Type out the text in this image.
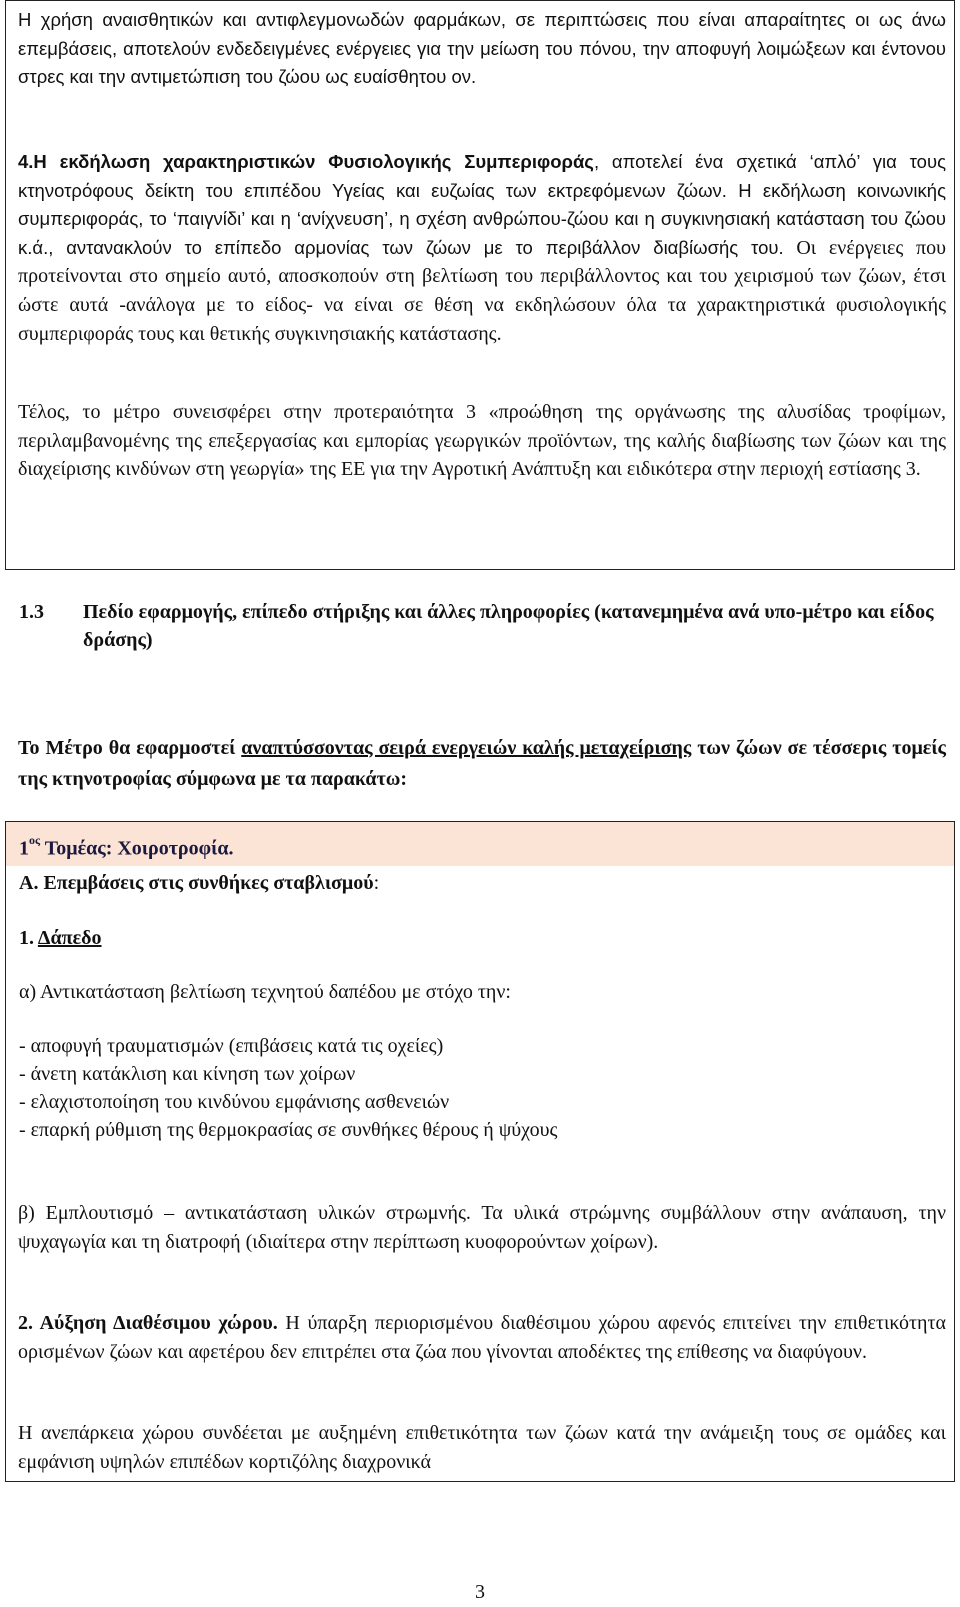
Η χρήση αναισθητικών και αντιφλεγμονωδών φαρμάκων, σε περιπτώσεις που είναι απαραίτητες οι ως άνω επεμβάσεις, αποτελούν ενδεδειγμένες ενέργειες για την μείωση του πόνου, την αποφυγή λοιμώξεων και έντονου στρες και την αντιμετώπιση του ζώου ως ευαίσθητου ον.

4.Η εκδήλωση χαρακτηριστικών Φυσιολογικής Συμπεριφοράς, αποτελεί ένα σχετικά ‘απλό’ για τους κτηνοτρόφους δείκτη του επιπέδου Υγείας και ευζωίας των εκτρεφόμενων ζώων. Η εκδήλωση κοινωνικής συμπεριφοράς, το ‘παιγνίδι’ και η ‘ανίχνευση’, η σχέση ανθρώπου-ζώου και η συγκινησιακή κατάσταση του ζώου κ.ά., αντανακλούν το επίπεδο αρμονίας των ζώων με το περιβάλλον διαβίωσής του. Οι ενέργειες που προτείνονται στο σημείο αυτό, αποσκοπούν στη βελτίωση του περιβάλλοντος και του χειρισμού των ζώων, έτσι ώστε αυτά -ανάλογα με το είδος- να είναι σε θέση να εκδηλώσουν όλα τα χαρακτηριστικά φυσιολογικής συμπεριφοράς τους και θετικής συγκινησιακής κατάστασης.

Τέλος, το μέτρο συνεισφέρει στην προτεραιότητα 3 «προώθηση της οργάνωσης της αλυσίδας τροφίμων, περιλαμβανομένης της επεξεργασίας και εμπορίας γεωργικών προϊόντων, της καλής διαβίωσης των ζώων και της διαχείρισης κινδύνων στη γεωργία» της ΕΕ για την Αγροτική Ανάπτυξη και ειδικότερα στην περιοχή εστίασης 3.

1.3 Πεδίο εφαρμογής, επίπεδο στήριξης και άλλες πληροφορίες (κατανεμημένα ανά υπο-μέτρο και είδος δράσης)

Το Μέτρο θα εφαρμοστεί αναπτύσσοντας σειρά ενεργειών καλής μεταχείρισης των ζώων σε τέσσερις τομείς της κτηνοτροφίας σύμφωνα με τα παρακάτω:

$1^{o\varsigma}$ Τομέας: Χοιροτροφία.
Α. Επεμβάσεις στις συνθήκες σταβλισμού:
1. Δάπεδο
α) Αντικατάσταση βελτίωση τεχνητού δαπέδου με στόχο την:
- αποφυγή τραυματισμών (επιβάσεις κατά τις οχείες)
- άνετη κατάκλιση και κίνηση των χοίρων
- ελαχιστοποίηση του κινδύνου εμφάνισης ασθενειών
- επαρκή ρύθμιση της θερμοκρασίας σε συνθήκες θέρους ή ψύχους

β) Εμπλουτισμό – αντικατάσταση υλικών στρωμνής. Τα υλικά στρώμνης συμβάλλουν στην ανάπαυση, την ψυχαγωγία και τη διατροφή (ιδιαίτερα στην περίπτωση κυοφορούντων χοίρων).

2. Αύξηση Διαθέσιμου χώρου. Η ύπαρξη περιορισμένου διαθέσιμου χώρου αφενός επιτείνει την επιθετικότητα ορισμένων ζώων και αφετέρου δεν επιτρέπει στα ζώα που γίνονται αποδέκτες της επίθεσης να διαφύγουν.

Η ανεπάρκεια χώρου συνδέεται με αυξημένη επιθετικότητα των ζώων κατά την ανάμειξη τους σε ομάδες και εμφάνιση υψηλών επιπέδων κορτιζόλης διαχρονικά

3
